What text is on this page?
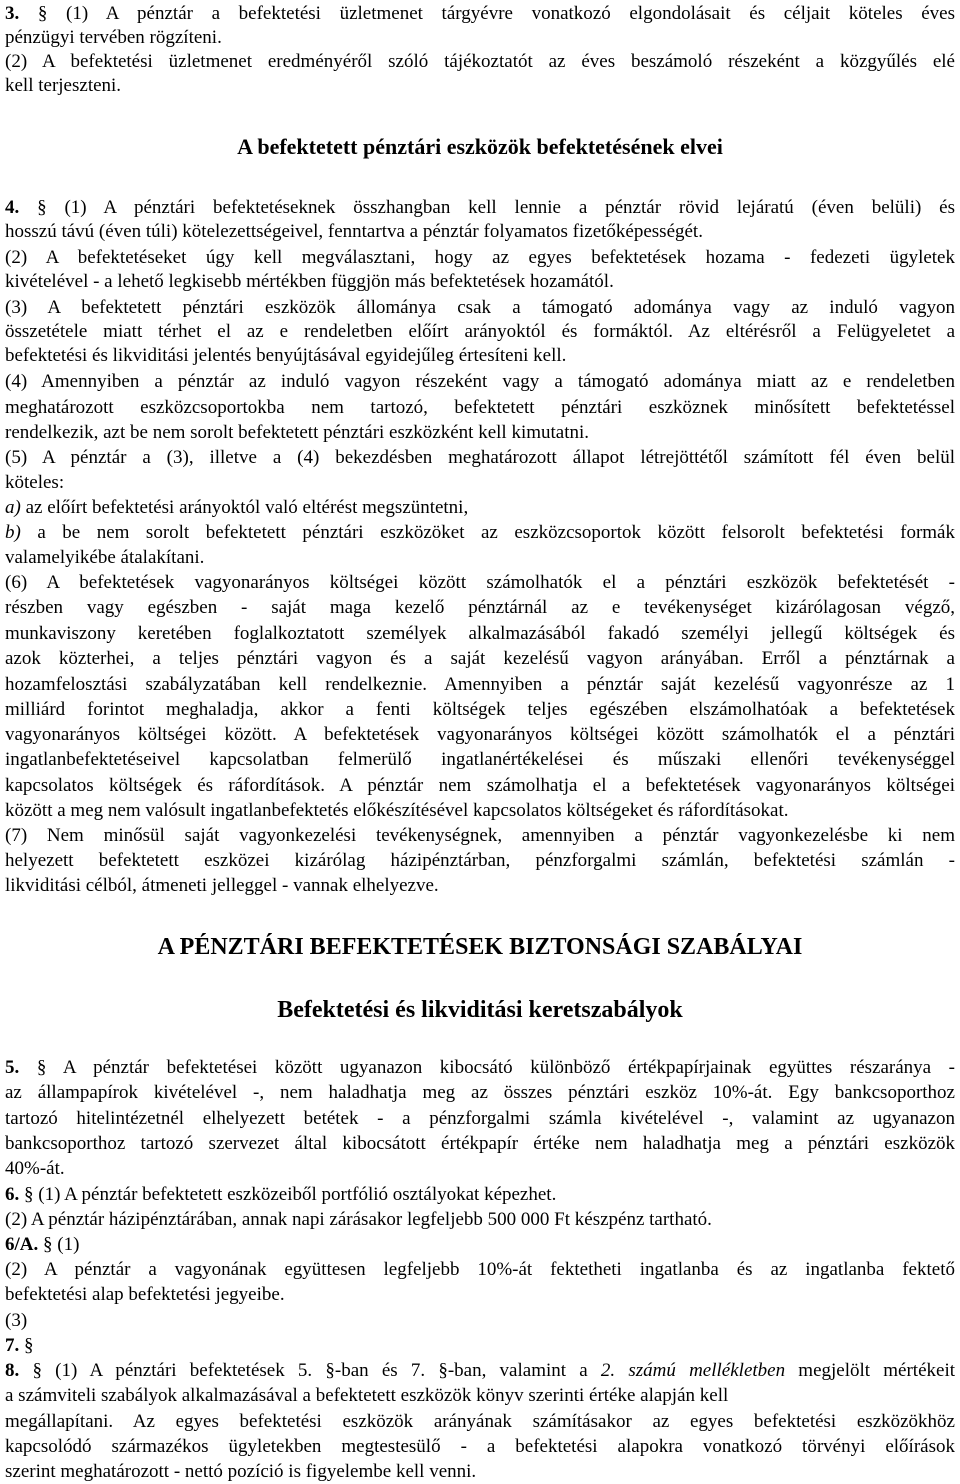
3. § (1) A pénztár a befektetési üzletmenet tárgyévre vonatkozó elgondolásait és céljait köteles éves
pénzügyi tervében rögzíteni.
(2) A befektetési üzletmenet eredményéről szóló tájékoztatót az éves beszámoló részeként a közgyűlés elé
kell terjeszteni.
A befektetett pénztári eszközök befektetésének elvei
4. § (1) A pénztári befektetéseknek összhangban kell lennie a pénztár rövid lejáratú (éven belüli) és
hosszú távú (éven túli) kötelezettségeivel, fenntartva a pénztár folyamatos fizetőképességét.
(2) A befektetéseket úgy kell megválasztani, hogy az egyes befektetések hozama - fedezeti ügyletek
kivételével - a lehető legkisebb mértékben függjön más befektetések hozamától.
(3) A befektetett pénztári eszközök állománya csak a támogató adománya vagy az induló vagyon
összetétele miatt térhet el az e rendeletben előírt arányoktól és formáktól. Az eltérésről a Felügyeletet a
befektetési és likviditási jelentés benyújtásával egyidejűleg értesíteni kell.
(4) Amennyiben a pénztár az induló vagyon részeként vagy a támogató adománya miatt az e rendeletben
meghatározott eszközcsoportokba nem tartozó, befektetett pénztári eszköznek minősített befektetéssel
rendelkezik, azt be nem sorolt befektetett pénztári eszközként kell kimutatni.
(5) A pénztár a (3), illetve a (4) bekezdésben meghatározott állapot létrejöttétől számított fél éven belül
köteles:
a) az előírt befektetési arányoktól való eltérést megszüntetni,
b) a be nem sorolt befektetett pénztári eszközöket az eszközcsoportok között felsorolt befektetési formák
valamelyikébe átalakítani.
(6) A befektetések vagyonarányos költségei között számolhatók el a pénztári eszközök befektetését -
részben vagy egészben - saját maga kezelő pénztárnál az e tevékenységet kizárólagosan végző,
munkaviszony keretében foglalkoztatott személyek alkalmazásából fakadó személyi jellegű költségek és
azok közterhei, a teljes pénztári vagyon és a saját kezelésű vagyon arányában. Erről a pénztárnak a
hozamfelosztási szabályzatában kell rendelkeznie. Amennyiben a pénztár saját kezelésű vagyonrésze az 1
milliárd forintot meghaladja, akkor a fenti költségek teljes egészében elszámolhatóak a befektetések
vagyonarányos költségei között. A befektetések vagyonarányos költségei között számolhatók el a pénztári
ingatlanbefektetéseivel kapcsolatban felmerülő ingatlanértékelései és műszaki ellenőri tevékenységgel
kapcsolatos költségek és ráfordítások. A pénztár nem számolhatja el a befektetések vagyonarányos költségei
között a meg nem valósult ingatlanbefektetés előkészítésével kapcsolatos költségeket és ráfordításokat.
(7) Nem minősül saját vagyonkezelési tevékenységnek, amennyiben a pénztár vagyonkezelésbe ki nem
helyezett befektetett eszközei kizárólag házipénztárban, pénzforgalmi számlán, befektetési számlán -
likviditási célból, átmeneti jelleggel - vannak elhelyezve.
A PÉNZTÁRI BEFEKTETÉSEK BIZTONSÁGI SZABÁLYAI
Befektetési és likviditási keretszabályok
5. § A pénztár befektetései között ugyanazon kibocsátó különböző értékpapírjainak együttes részaránya -
az állampapírok kivételével -, nem haladhatja meg az összes pénztári eszköz 10%-át. Egy bankcsoporthoz
tartozó hitelintézetnél elhelyezett betétek - a pénzforgalmi számla kivételével -, valamint az ugyanazon
bankcsoporthoz tartozó szervezet által kibocsátott értékpapír értéke nem haladhatja meg a pénztári eszközök
40%-át.
6. § (1) A pénztár befektetett eszközeiből portfólió osztályokat képezhet.
(2) A pénztár házipénztárában, annak napi zárásakor legfeljebb 500 000 Ft készpénz tartható.
6/A. § (1)
(2) A pénztár a vagyonának együttesen legfeljebb 10%-át fektetheti ingatlanba és az ingatlanba fektető
befektetési alap befektetési jegyeibe.
(3)
7. §
8. § (1) A pénztári befektetések 5. §-ban és 7. §-ban, valamint a 2. számú mellékletben megjelölt mértékeit
a számviteli szabályok alkalmazásával a befektetett eszközök könyv szerinti értéke alapján kell
megállapítani. Az egyes befektetési eszközök arányának számításakor az egyes befektetési eszközökhöz
kapcsolódó származékos ügyletekben megtestesülő - a befektetési alapokra vonatkozó törvényi előírások
szerint meghatározott - nettó pozíció is figyelembe kell venni.
